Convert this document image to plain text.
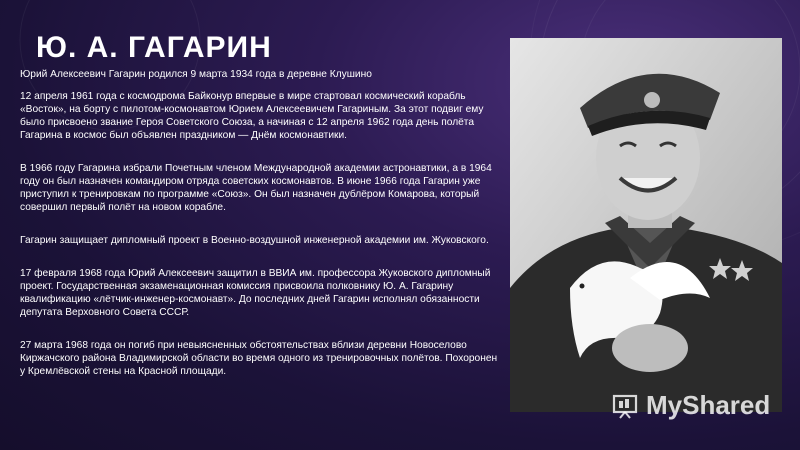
Ю. А. ГАГАРИН

Юрий Алексеевич Гагарин родился 9 марта 1934 года в деревне Клушино

12 апреля 1961 года с космодрома Байконур впервые в мире стартовал космический корабль «Восток», на борту с пилотом-космонавтом Юрием Алексеевичем Гагариным. За этот подвиг ему было присвоено звание Героя Советского Союза, а начиная с 12 апреля 1962 года день полёта Гагарина в космос был объявлен праздником — Днём космонавтики.

В 1966 году Гагарина избрали Почетным членом Международной академии астронавтики, а в 1964 году он был назначен командиром отряда советских космонавтов. В июне 1966 года Гагарин уже приступил к тренировкам по программе «Союз». Он был назначен дублёром Комарова, который совершил первый полёт на новом корабле.

Гагарин защищает дипломный проект в Военно-воздушной инженерной академии им. Жуковского.

17 февраля 1968 года Юрий Алексеевич защитил в ВВИА им. профессора Жуковского дипломный проект. Государственная экзаменационная комиссия присвоила полковнику Ю. А. Гагарину квалификацию «лётчик-инженер-космонавт». До последних дней Гагарин исполнял обязанности депутата Верховного Совета СССР.

27 марта 1968 года он погиб при невыясненных обстоятельствах вблизи деревни Новоселово Киржачского района Владимирской области во время одного из тренировочных полётов. Похоронен у Кремлёвской стены на Красной площади.

MyShared
